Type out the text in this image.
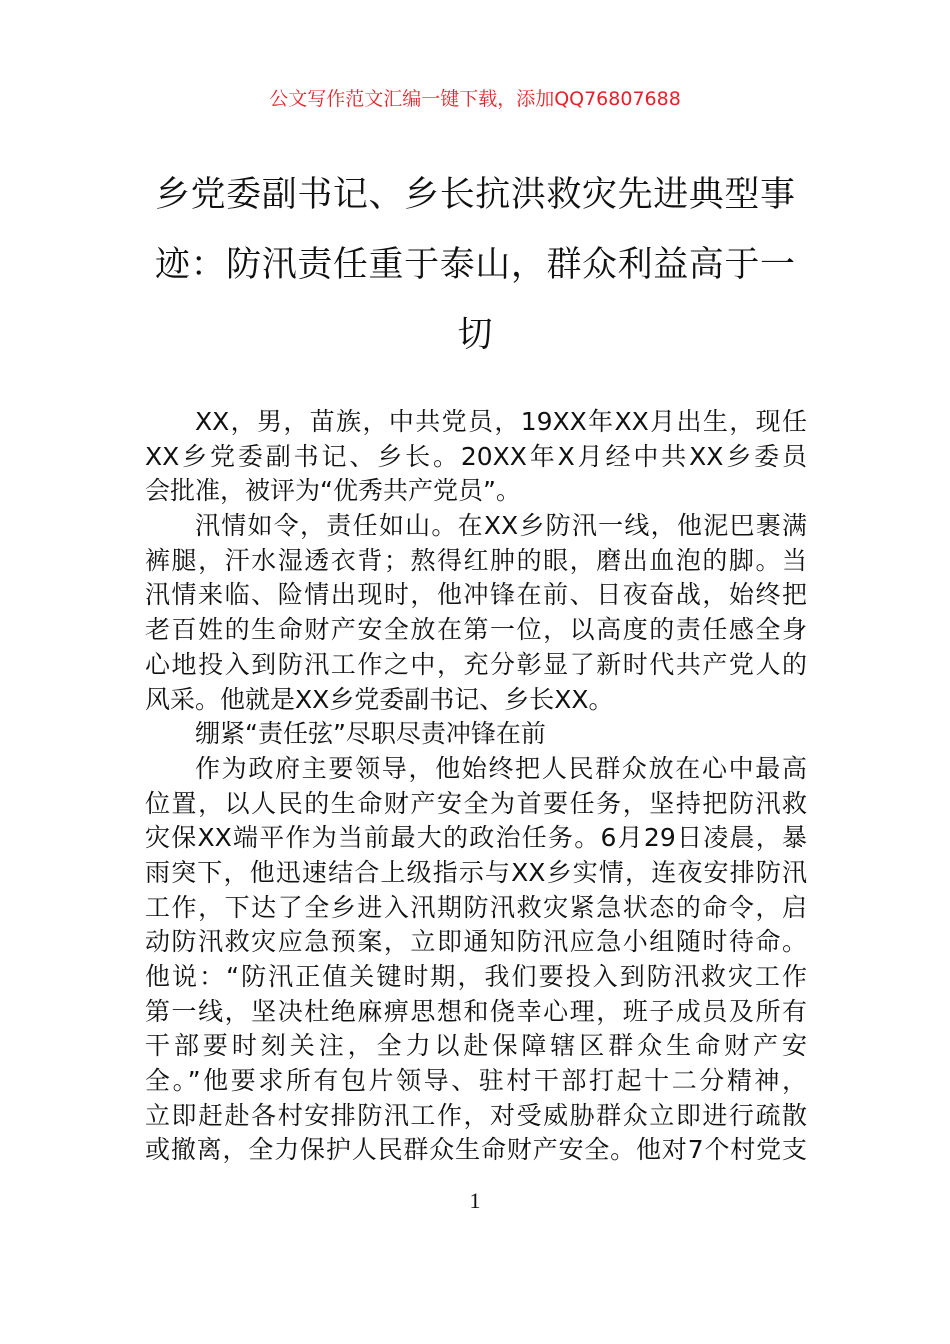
公文写作范文汇编一键下载，添加QQ76807688
乡党委副书记、乡长抗洪救灾先进典型事
迹：防汛责任重于泰山，群众利益高于一
切
XX，男，苗族，中共党员，19XX年XX月出生，现任
XX乡党委副书记、乡长。20XX年X月经中共XX乡委员
会批准，被评为“优秀共产党员”。
汛情如令，责任如山。在XX乡防汛一线，他泥巴裹满
裤腿，汗水湿透衣背；熬得红肿的眼，磨出血泡的脚。当
汛情来临、险情出现时，他冲锋在前、日夜奋战，始终把
老百姓的生命财产安全放在第一位，以高度的责任感全身
心地投入到防汛工作之中，充分彰显了新时代共产党人的
风采。他就是XX乡党委副书记、乡长XX。
绷紧“责任弦”尽职尽责冲锋在前
作为政府主要领导，他始终把人民群众放在心中最高
位置，以人民的生命财产安全为首要任务，坚持把防汛救
灾保XX端平作为当前最大的政治任务。6月29日凌晨，暴
雨突下，他迅速结合上级指示与XX乡实情，连夜安排防汛
工作，下达了全乡进入汛期防汛救灾紧急状态的命令，启
动防汛救灾应急预案，立即通知防汛应急小组随时待命。
他说：“防汛正值关键时期，我们要投入到防汛救灾工作
第一线，坚决杜绝麻痹思想和侥幸心理，班子成员及所有
干部要时刻关注，全力以赴保障辖区群众生命财产安
全。”他要求所有包片领导、驻村干部打起十二分精神，
立即赶赴各村安排防汛工作，对受威胁群众立即进行疏散
或撤离，全力保护人民群众生命财产安全。他对7个村党支
1
